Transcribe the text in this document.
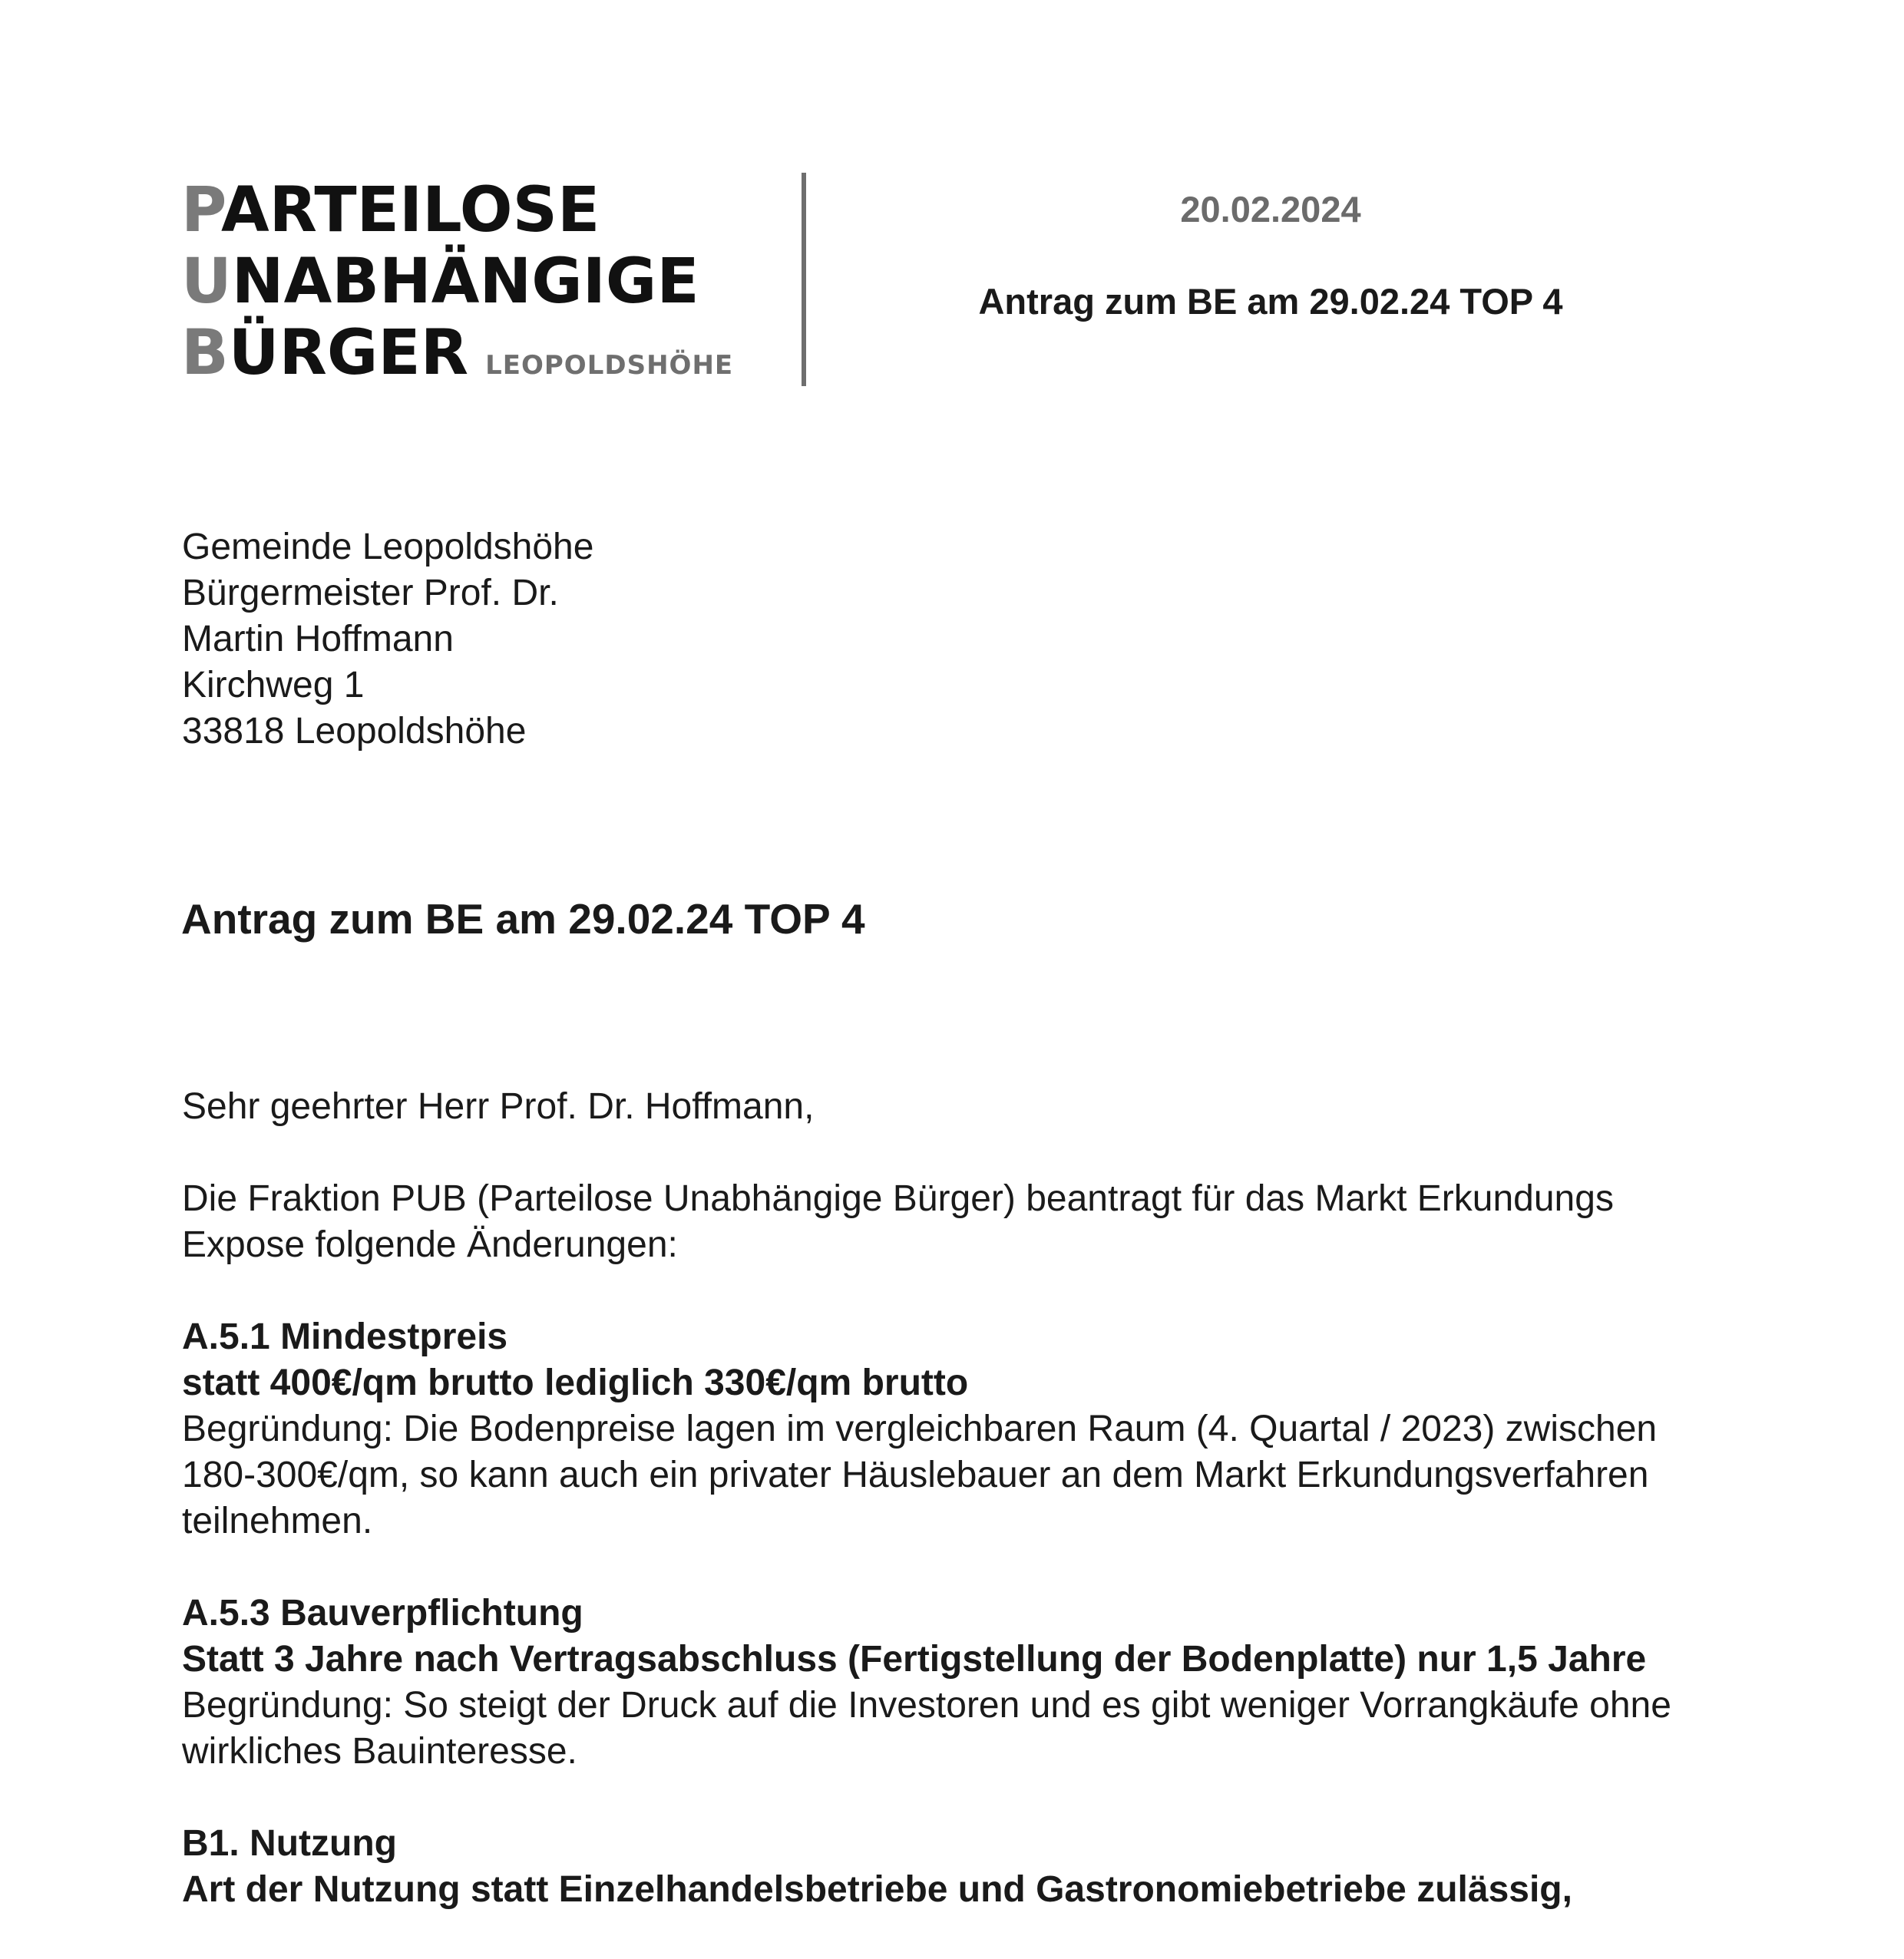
PARTEILOSE
UNABHÄNGIGE
BÜRGER LEOPOLDSHÖHE
20.02.2024
Antrag zum BE am 29.02.24 TOP 4
Gemeinde Leopoldshöhe
Bürgermeister Prof. Dr.
Martin Hoffmann
Kirchweg 1
33818 Leopoldshöhe
Antrag zum BE am 29.02.24 TOP 4

Sehr geehrter Herr Prof. Dr. Hoffmann,

Die Fraktion PUB (Parteilose Unabhängige Bürger) beantragt für das Markt Erkundungs
Expose folgende Änderungen:
A.5.1 Mindestpreis
statt 400€/qm brutto lediglich 330€/qm brutto
Begründung: Die Bodenpreise lagen im vergleichbaren Raum (4. Quartal / 2023) zwischen
180-300€/qm, so kann auch ein privater Häuslebauer an dem Markt Erkundungsverfahren
teilnehmen.
A.5.3 Bauverpflichtung
Statt 3 Jahre nach Vertragsabschluss (Fertigstellung der Bodenplatte) nur 1,5 Jahre
Begründung: So steigt der Druck auf die Investoren und es gibt weniger Vorrangkäufe ohne
wirkliches Bauinteresse.
B1. Nutzung
Art der Nutzung statt Einzelhandelsbetriebe und Gastronomiebetriebe zulässig,
